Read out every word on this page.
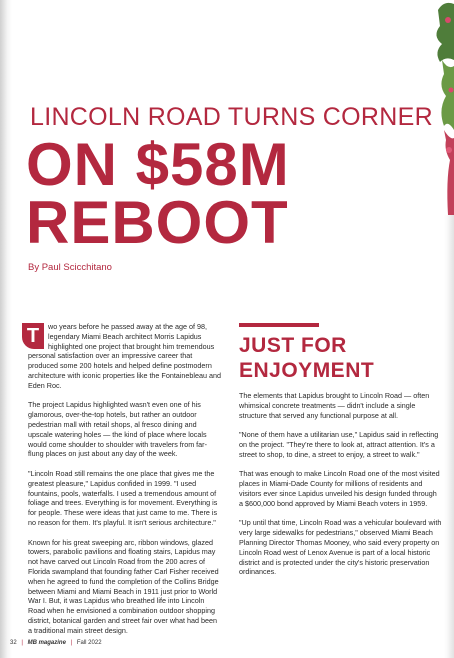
LINCOLN ROAD TURNS CORNER
ON $58M
REBOOT
By Paul Scicchitano

T	wo years before he passed away at the age of 98, legendary Miami Beach architect Morris Lapidus highlighted one project that brought him tremendous personal satisfaction over an impressive career that produced some 200 hotels and helped define postmodern architecture with iconic properties like the Fontainebleau and Eden Roc.

The project Lapidus highlighted wasn't even one of his glamorous, over-the-top hotels, but rather an outdoor pedestrian mall with retail shops, al fresco dining and upscale watering holes — the kind of place where locals would come shoulder to shoulder with travelers from far-flung places on just about any day of the week.

"Lincoln Road still remains the one place that gives me the greatest pleasure," Lapidus confided in 1999. "I used fountains, pools, waterfalls. I used a tremendous amount of foliage and trees. Everything is for movement. Everything is for people. These were ideas that just came to me. There is no reason for them. It's playful. It isn't serious architecture."

Known for his great sweeping arc, ribbon windows, glazed towers, parabolic pavilions and floating stairs, Lapidus may not have carved out Lincoln Road from the 200 acres of Florida swampland that founding father Carl Fisher received when he agreed to fund the completion of the Collins Bridge between Miami and Miami Beach in 1911 just prior to World War I. But, it was Lapidus who breathed life into Lincoln Road when he envisioned a combination outdoor shopping district, botanical garden and street fair over what had been a traditional main street design.

JUST FOR
ENJOYMENT

The elements that Lapidus brought to Lincoln Road — often whimsical concrete treatments — didn't include a single structure that served any functional purpose at all.

"None of them have a utilitarian use," Lapidus said in reflecting on the project. "They're there to look at, attract attention. It's a street to shop, to dine, a street to enjoy, a street to walk."

That was enough to make Lincoln Road one of the most visited places in Miami-Dade County for millions of residents and visitors ever since Lapidus unveiled his design funded through a $600,000 bond approved by Miami Beach voters in 1959.

"Up until that time, Lincoln Road was a vehicular boulevard with very large sidewalks for pedestrians," observed Miami Beach Planning Director Thomas Mooney, who said every property on Lincoln Road west of Lenox Avenue is part of a local historic district and is protected under the city's historic preservation ordinances.

32 | MB magazine | Fall 2022
